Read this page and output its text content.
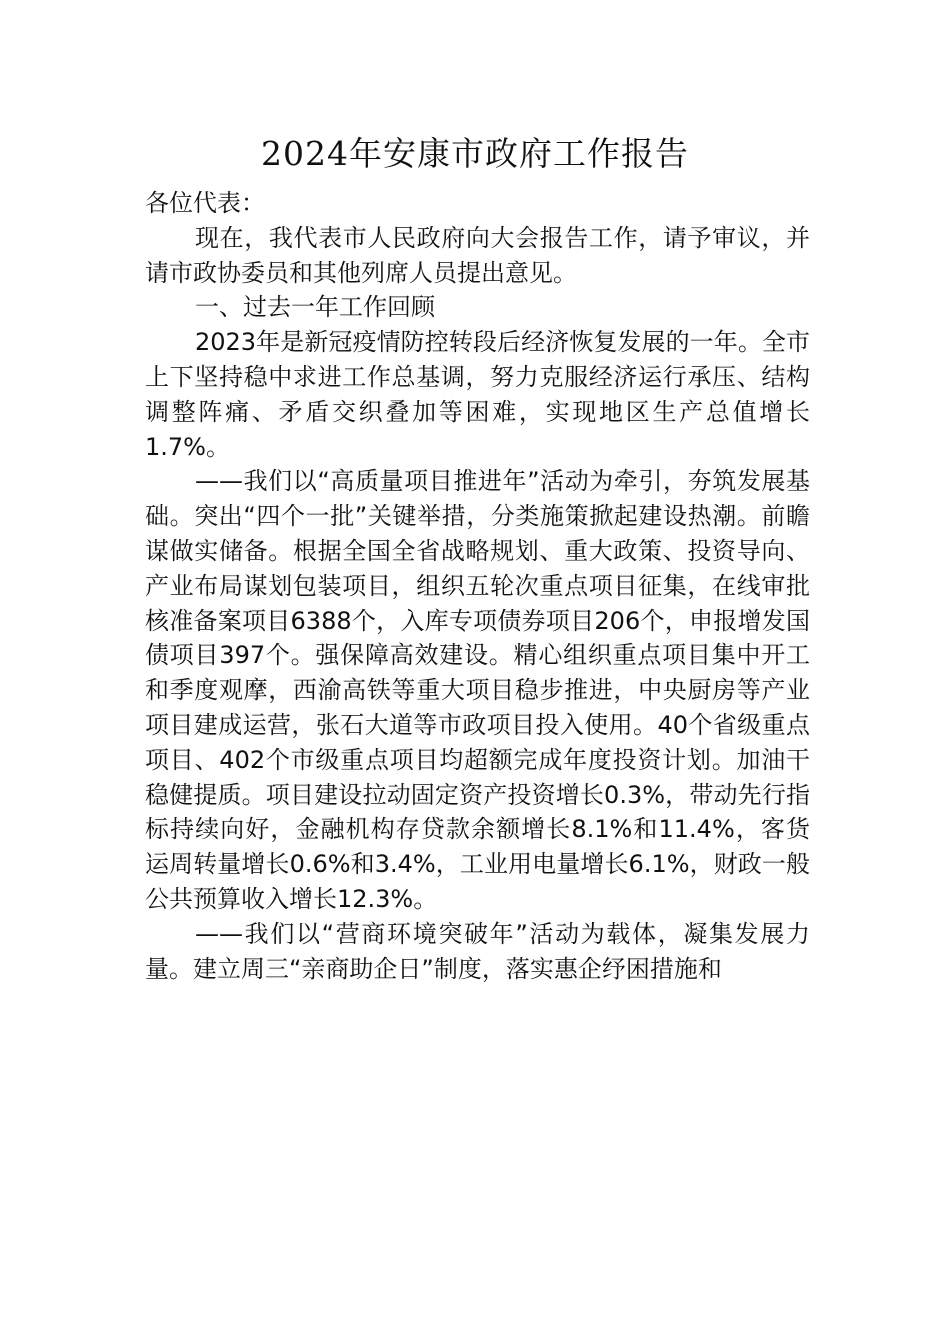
2024年安康市政府工作报告

各位代表：

现在，我代表市人民政府向大会报告工作，请予审议，并请市政协委员和其他列席人员提出意见。

一、过去一年工作回顾

2023年是新冠疫情防控转段后经济恢复发展的一年。全市上下坚持稳中求进工作总基调，努力克服经济运行承压、结构调整阵痛、矛盾交织叠加等困难，实现地区生产总值增长1.7%。

——我们以“高质量项目推进年”活动为牵引，夯筑发展基础。突出“四个一批”关键举措，分类施策掀起建设热潮。前瞻谋做实储备。根据全国全省战略规划、重大政策、投资导向、产业布局谋划包装项目，组织五轮次重点项目征集，在线审批核准备案项目6388个，入库专项债券项目206个，申报增发国债项目397个。强保障高效建设。精心组织重点项目集中开工和季度观摩，西渝高铁等重大项目稳步推进，中央厨房等产业项目建成运营，张石大道等市政项目投入使用。40个省级重点项目、402个市级重点项目均超额完成年度投资计划。加油干稳健提质。项目建设拉动固定资产投资增长0.3%，带动先行指标持续向好，金融机构存贷款余额增长8.1%和11.4%，客货运周转量增长0.6%和3.4%，工业用电量增长6.1%，财政一般公共预算收入增长12.3%。

——我们以“营商环境突破年”活动为载体，凝集发展力量。建立周三“亲商助企日”制度，落实惠企纾困措施和
